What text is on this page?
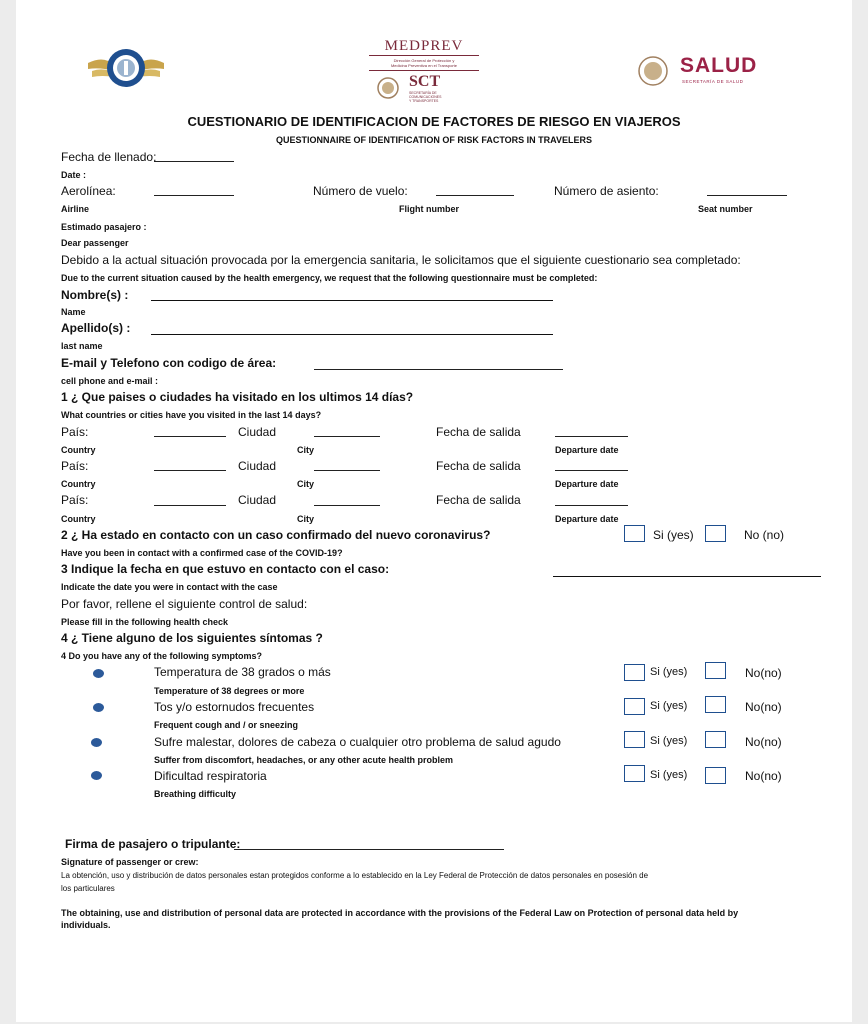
MEDPREV
Dirección General de Protección y
Medicina Preventiva en el Transporte
SCT
SECRETARÍA DE
COMUNICACIONES
Y TRANSPORTES
SALUD
SECRETARÍA DE SALUD
CUESTIONARIO DE IDENTIFICACION DE FACTORES DE RIESGO EN VIAJEROS
QUESTIONNAIRE OF IDENTIFICATION OF RISK FACTORS IN TRAVELERS
Fecha de llenado:
Date :
Aerolínea:	Número de vuelo:	Número de asiento:
Airline	Flight number	Seat number
Estimado pasajero :
Dear passenger
Debido a la actual situación provocada por la emergencia sanitaria, le solicitamos que el siguiente cuestionario sea completado:
Due to the current situation caused by the health emergency, we request that the following questionnaire must be completed:
Nombre(s) :
Name
Apellido(s) :
last name
E-mail y Telefono con codigo de área:
cell phone and e-mail :
1 ¿ Que paises o ciudades ha visitado en los ultimos 14 días?
What countries or cities have you visited in the last 14 days?
País:	Ciudad	Fecha de salida
Country	City	Departure date
País:	Ciudad	Fecha de salida
Country	City	Departure date
País:	Ciudad	Fecha de salida
Country	City	Departure date
2 ¿ Ha estado en contacto con un caso confirmado del nuevo coronavirus?	Si (yes)	No (no)
Have you been in contact with a confirmed case of the COVID-19?
3 Indique la fecha en que estuvo en contacto con el caso:
Indicate the date you were in contact with the case
Por favor, rellene el siguiente control de salud:
Please fill in the following health check
4 ¿ Tiene alguno de los siguientes síntomas ?
4 Do you have any of the following symptoms?
Temperatura de 38 grados o más
Temperature of 38 degrees or more
Si (yes)	No(no)
Tos y/o estornudos frecuentes
Frequent cough and / or sneezing
Si (yes)	No(no)
Sufre malestar, dolores de cabeza o cualquier otro problema de salud agudo
Suffer from discomfort, headaches, or any other acute health problem
Si (yes)	No(no)
Dificultad respiratoria
Breathing difficulty
Si (yes)	No(no)
Firma de pasajero o tripulante:
Signature of passenger or crew:
La obtención, uso y distribución de datos personales estan protegidos conforme a lo establecido en la Ley Federal de Protección de datos personales en posesión de
los particulares
The obtaining, use and distribution of personal data are protected in accordance with the provisions of the Federal Law on Protection of personal data held by
individuals.
